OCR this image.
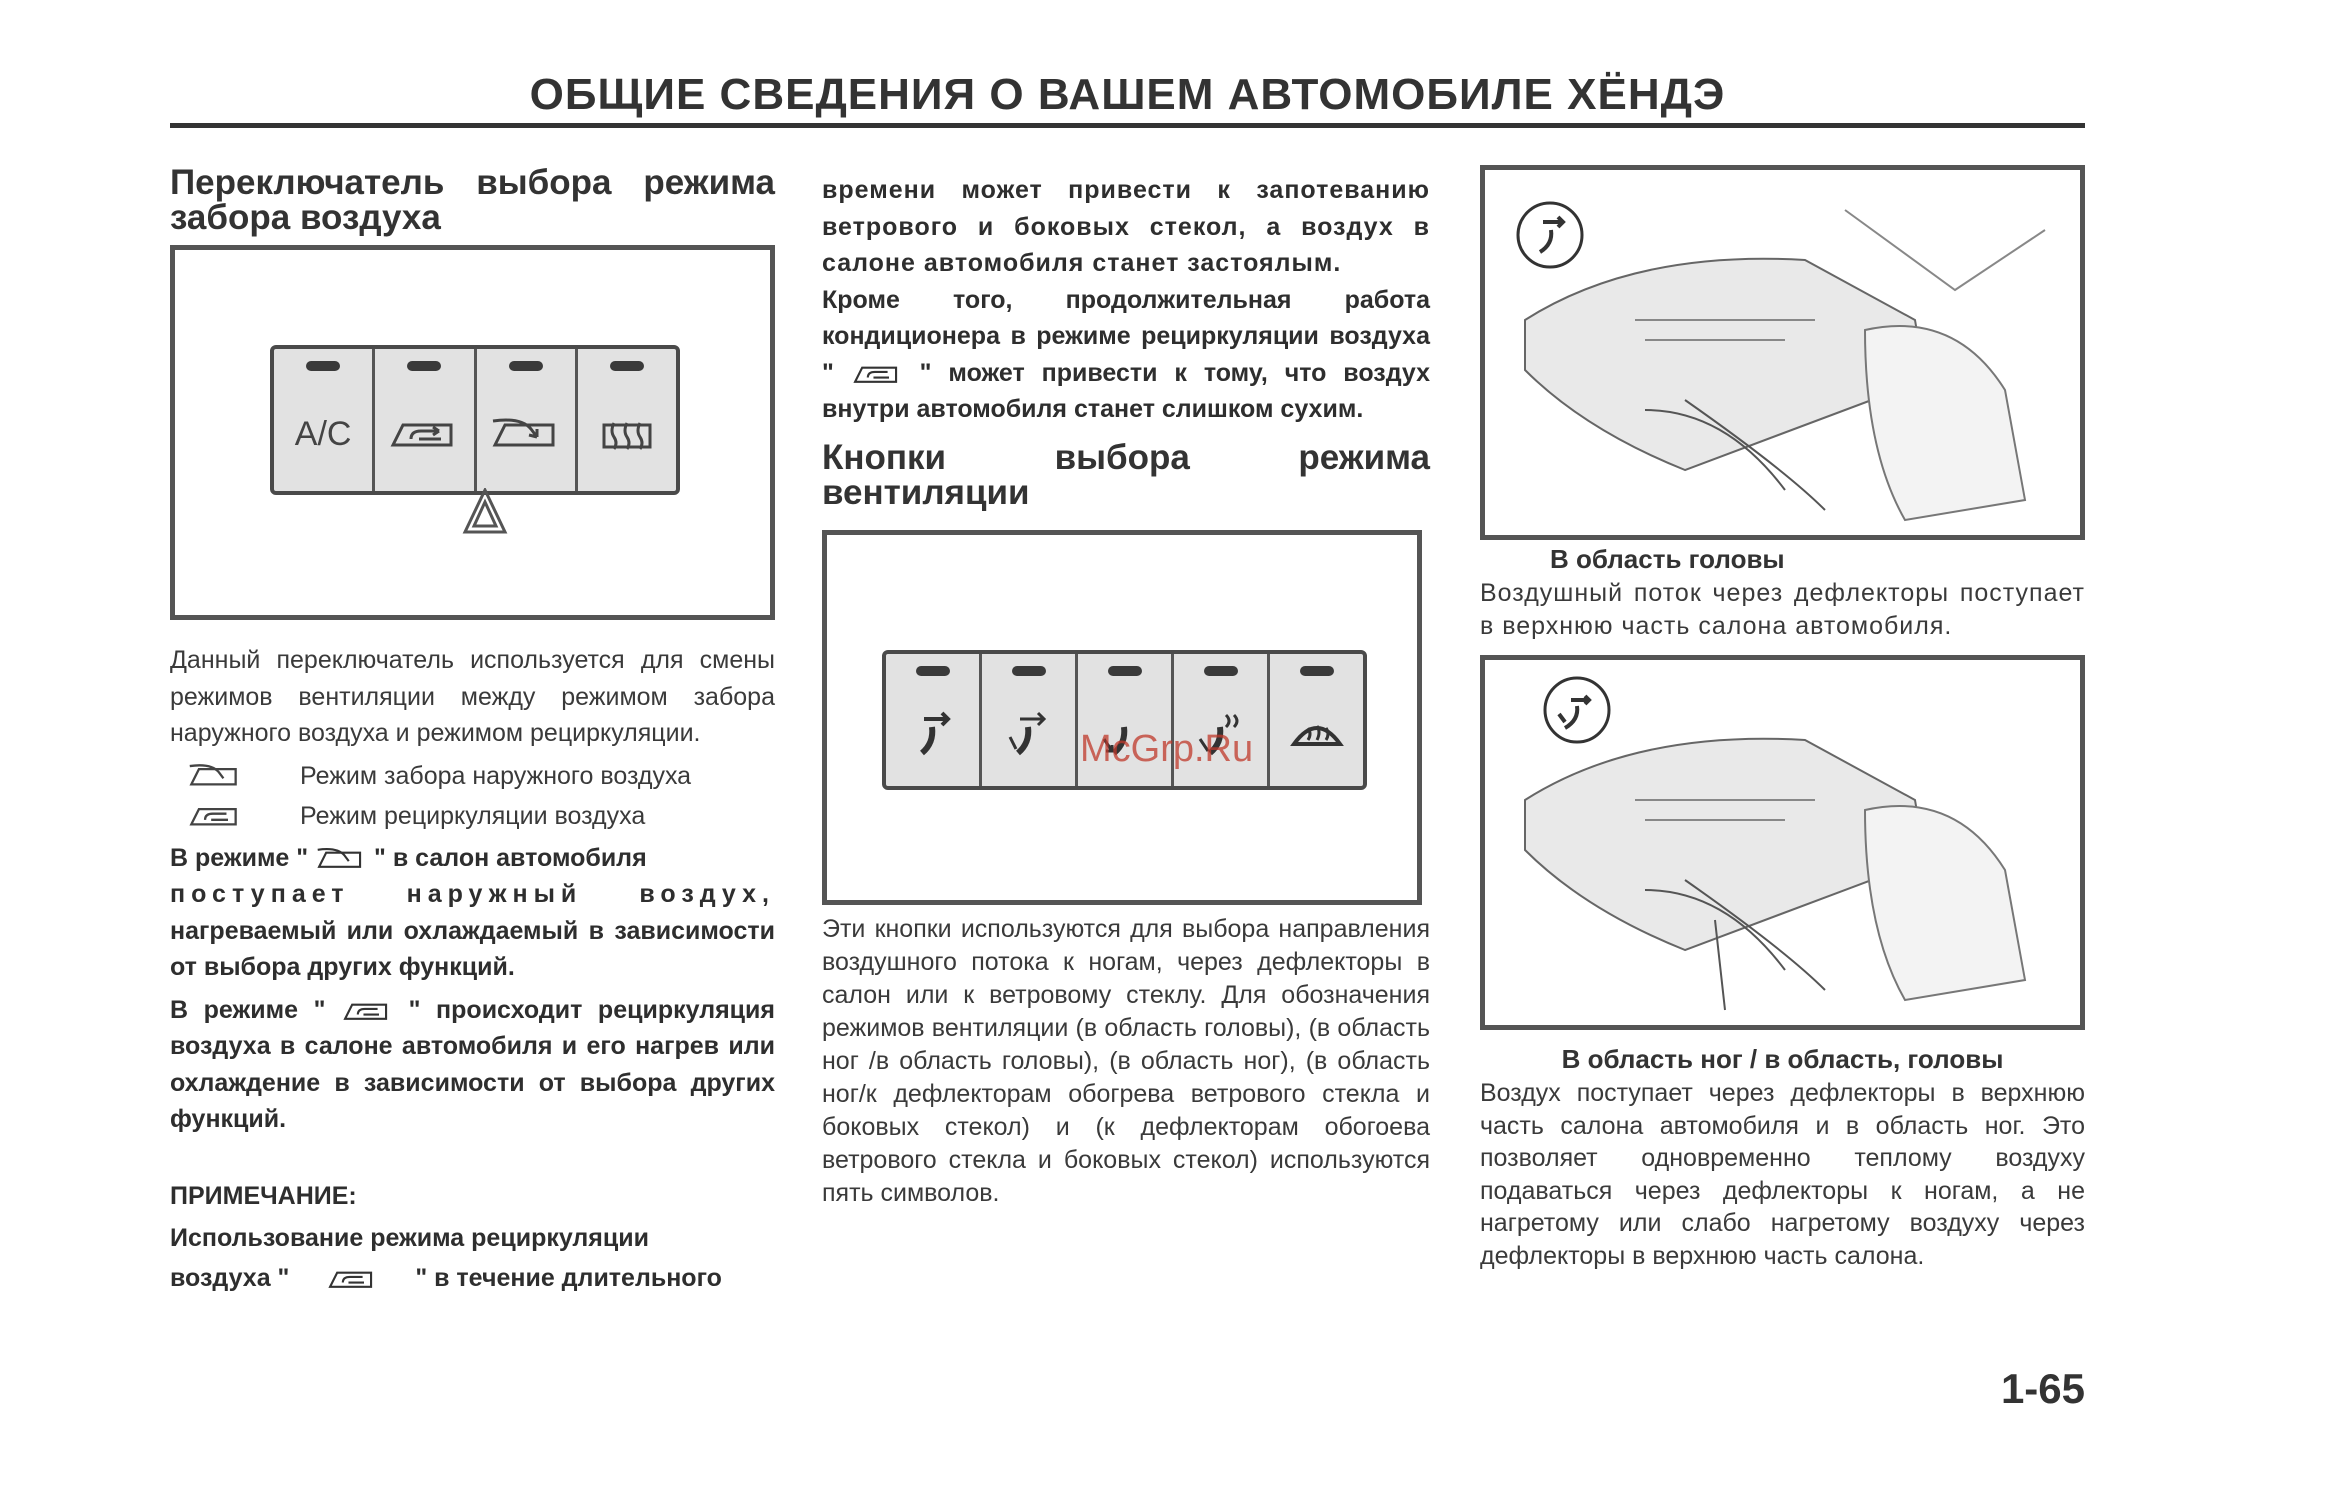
ОБЩИЕ СВЕДЕНИЯ О ВАШЕМ АВТОМОБИЛЕ ХЁНДЭ
Переключатель выбора режима забора воздуха
A/C

Данный переключатель используется для смены режимов вентиляции между режимом забора наружного воздуха и режимом рециркуляции.

Режим забора наружного воздуха
Режим рециркуляции воздуха

В режиме "	" в салон автомобиля
поступает наружный воздух,
нагреваемый или охлаждаемый в зависимости от выбора других функций.

В режиме "	" происходит рециркуляция воздуха в салоне автомобиля и его нагрев или охлаждение в зависимости от выбора других функций.

ПРИМЕЧАНИЕ:

Использование режима рециркуляции
воздуха "	" в течение длительного

времени может привести к запотеванию ветрового и боковых стекол, а воздух в салоне автомобиля станет застоялым.

Кроме того, продолжительная работа кондиционера в режиме рециркуляции воздуха "	" может привести к тому, что воздух внутри автомобиля станет слишком сухим.

Кнопки выбора режима вентиляции

Эти кнопки используются для выбора направления воздушного потока к ногам, через дефлекторы в салон или к ветровому стеклу. Для обозначения режимов вентиляции (в область головы), (в область ног /в область головы), (в область ног), (в область ног/к дефлекторам обогрева ветрового стекла и боковых стекол) и (к дефлекторам обогоева ветрового стекла и боковых стекол) используются пять символов.

В область головы

Воздушный поток через дефлекторы поступает в верхнюю часть салона автомобиля.

В область ног / в область, головы

Воздух поступает через дефлекторы в верхнюю часть салона автомобиля и в область ног. Это позволяет одновременно теплому воздуху подаваться через дефлекторы к ногам, а не нагретому или слабо нагретому воздуху через дефлекторы в верхнюю часть салона.

McGrp.Ru
1-65
